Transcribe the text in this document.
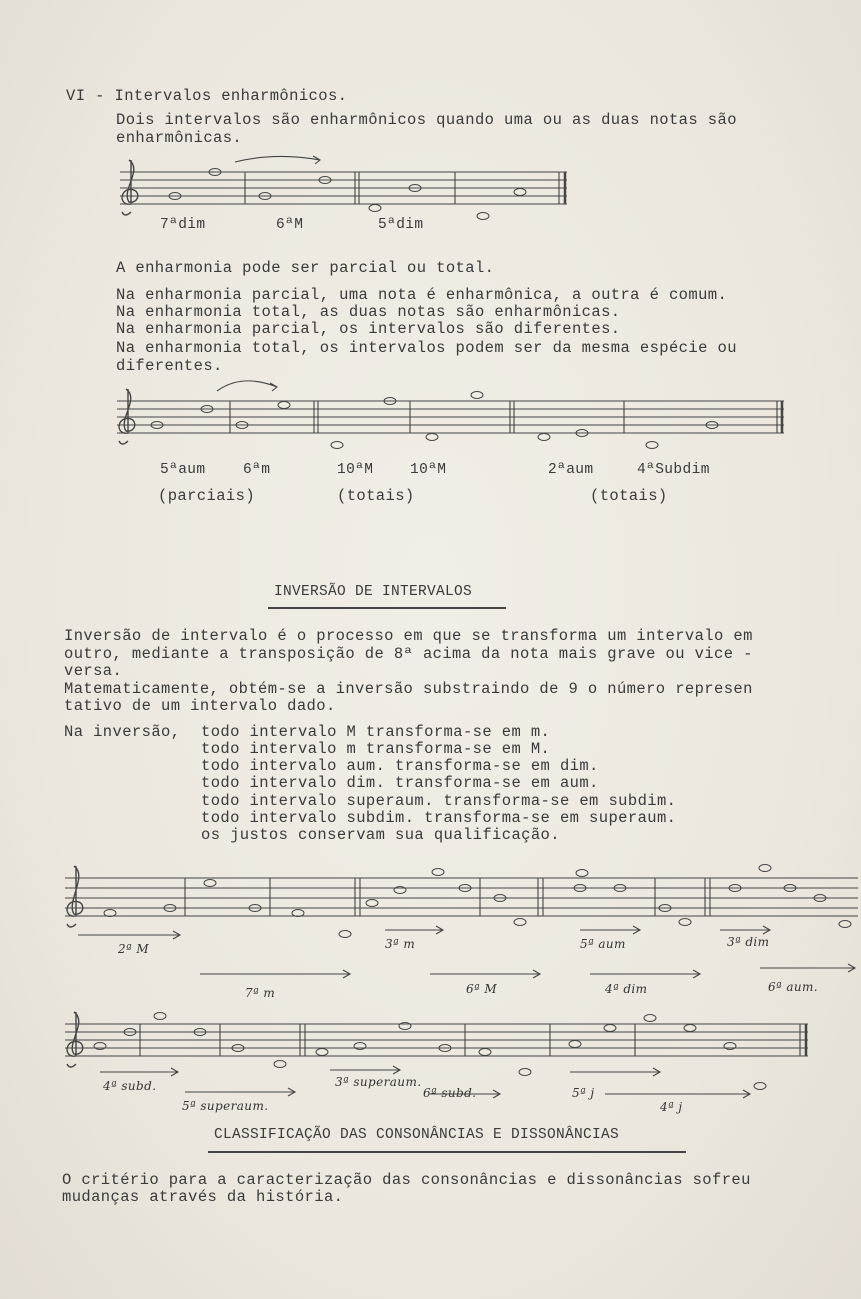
VI - Intervalos enharmônicos.
Dois intervalos são enharmônicos quando uma ou as duas notas são
enharmônicas.
7ªdim	6ªM	5ªdim
A enharmonia pode ser parcial ou total.
Na enharmonia parcial, uma nota é enharmônica, a outra é comum.
Na enharmonia total, as duas notas são enharmônicas.
Na enharmonia parcial, os intervalos são diferentes.
Na enharmonia total, os intervalos podem ser da mesma espécie ou
diferentes.
5ªaum	6ªm	10ªM	10ªM	2ªaum	4ªSubdim
(parciais)	(totais)	(totais)
INVERSÃO DE INTERVALOS
Inversão de intervalo é o processo em que se transforma um intervalo em
outro, mediante a transposição de 8ª acima da nota mais grave ou vice -
versa.
Matematicamente, obtém-se a inversão substraindo de 9 o número represen
tativo de um intervalo dado.
Na inversão, todo intervalo M transforma-se em m.
todo intervalo m transforma-se em M.
todo intervalo aum. transforma-se em dim.
todo intervalo dim. transforma-se em aum.
todo intervalo superaum. transforma-se em subdim.
todo intervalo subdim. transforma-se em superaum.
os justos conservam sua qualificação.
2ª M	3ª m	5ª aum	3ª dim
7ª m	6ª M	4ª dim	6ª aum.
4ª subd.	3ª superaum.
6ª subd.	5ª j
5ª superaum.	4ª j
CLASSIFICAÇÃO DAS CONSONÂNCIAS E DISSONÂNCIAS
O critério para a caracterização das consonâncias e dissonâncias sofreu
mudanças através da história.
